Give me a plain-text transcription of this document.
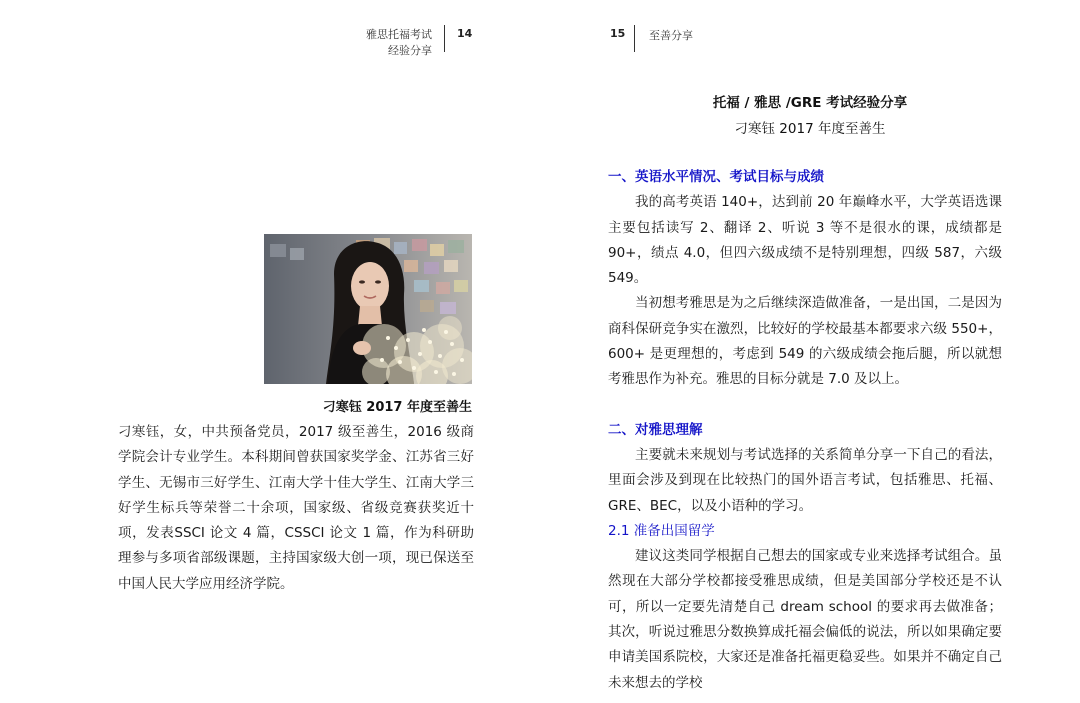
雅思托福考试
经验分享
14
刁寒钰 2017 年度至善生

刁寒钰，女，中共预备党员，2017 级至善生，2016 级商学院会计专业学生。本科期间曾获国家奖学金、江苏省三好学生、无锡市三好学生、江南大学十佳大学生、江南大学三好学生标兵等荣誉二十余项，国家级、省级竞赛获奖近十项，发表SSCI 论文 4 篇，CSSCI 论文 1 篇，作为科研助理参与多项省部级课题，主持国家级大创一项，现已保送至中国人民大学应用经济学院。

15 至善分享
托福 / 雅思 /GRE 考试经验分享
刁寒钰 2017 年度至善生

一、英语水平情况、考试目标与成绩

我的高考英语 140+，达到前 20 年巅峰水平，大学英语选课主要包括读写 2、翻译 2、听说 3 等不是很水的课，成绩都是 90+，绩点 4.0，但四六级成绩不是特别理想，四级 587，六级 549。

当初想考雅思是为之后继续深造做准备，一是出国，二是因为商科保研竞争实在激烈，比较好的学校最基本都要求六级 550+，600+ 是更理想的，考虑到 549 的六级成绩会拖后腿，所以就想考雅思作为补充。雅思的目标分就是 7.0 及以上。

二、对雅思理解

主要就未来规划与考试选择的关系简单分享一下自己的看法，里面会涉及到现在比较热门的国外语言考试，包括雅思、托福、GRE、BEC，以及小语种的学习。

2.1 准备出国留学

建议这类同学根据自己想去的国家或专业来选择考试组合。虽然现在大部分学校都接受雅思成绩，但是美国部分学校还是不认可，所以一定要先清楚自己 dream school 的要求再去做准备；其次，听说过雅思分数换算成托福会偏低的说法，所以如果确定要申请美国系院校，大家还是准备托福更稳妥些。如果并不确定自己未来想去的学校
